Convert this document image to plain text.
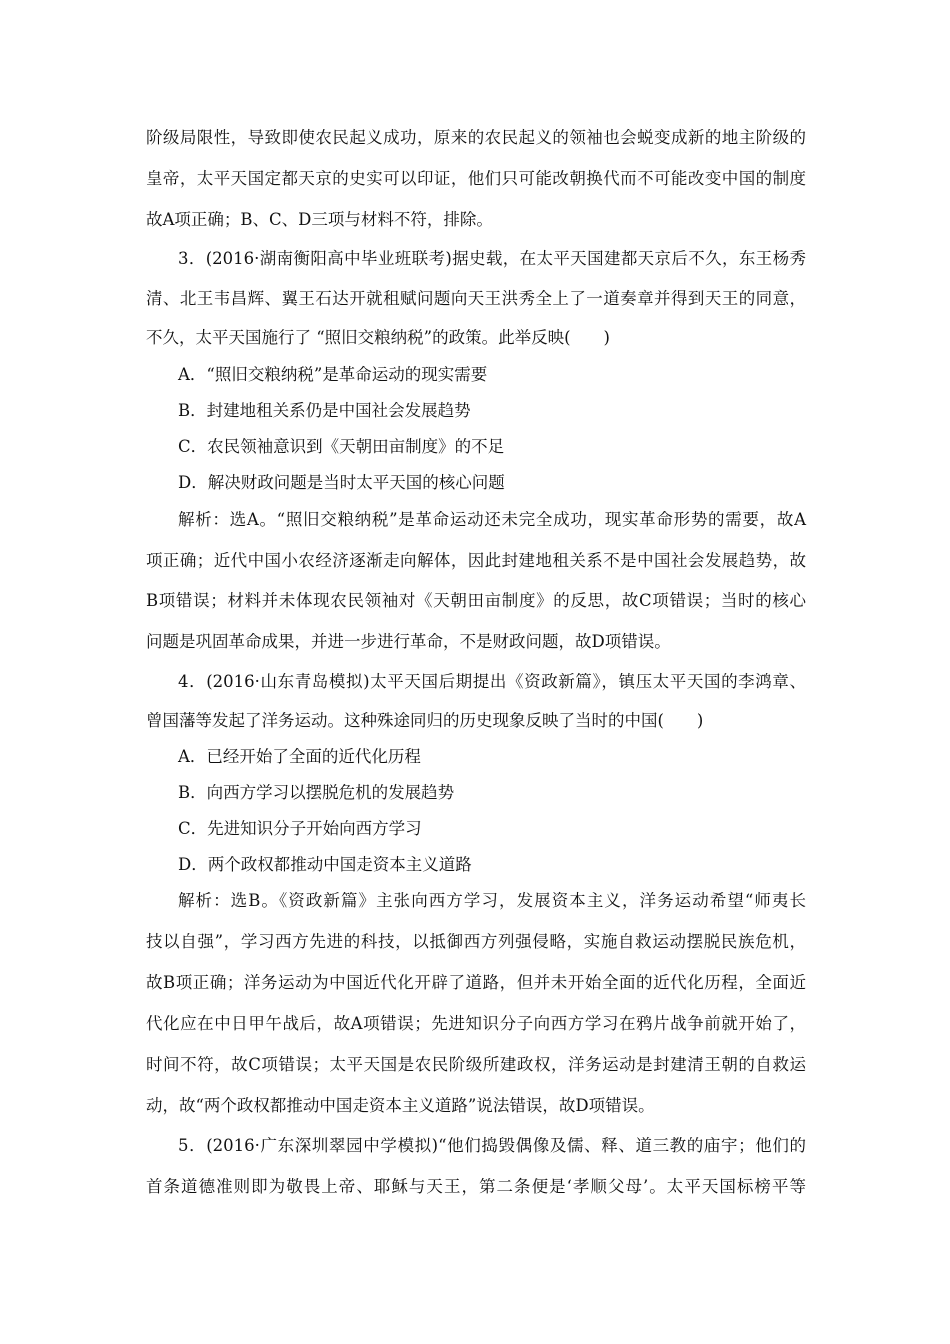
阶级局限性，导致即使农民起义成功，原来的农民起义的领袖也会蜕变成新的地主阶级的
皇帝，太平天国定都天京的史实可以印证，他们只可能改朝换代而不可能改变中国的制度
故A项正确；B、C、D三项与材料不符，排除。
3．(2016·湖南衡阳高中毕业班联考)据史载，在太平天国建都天京后不久，东王杨秀
清、北王韦昌辉、翼王石达开就租赋问题向天王洪秀全上了一道奏章并得到天王的同意，
不久，太平天国施行了 “照旧交粮纳税”的政策。此举反映(　　)
A．“照旧交粮纳税”是革命运动的现实需要
B．封建地租关系仍是中国社会发展趋势
C．农民领袖意识到《天朝田亩制度》的不足
D．解决财政问题是当时太平天国的核心问题
解析：选A。“照旧交粮纳税”是革命运动还未完全成功，现实革命形势的需要，故A
项正确；近代中国小农经济逐渐走向解体，因此封建地租关系不是中国社会发展趋势，故
B项错误；材料并未体现农民领袖对《天朝田亩制度》的反思，故C项错误；当时的核心
问题是巩固革命成果，并进一步进行革命，不是财政问题，故D项错误。
4．(2016·山东青岛模拟)太平天国后期提出《资政新篇》，镇压太平天国的李鸿章、
曾国藩等发起了洋务运动。这种殊途同归的历史现象反映了当时的中国(　　)
A．已经开始了全面的近代化历程
B．向西方学习以摆脱危机的发展趋势
C．先进知识分子开始向西方学习
D．两个政权都推动中国走资本主义道路
解析：选B。《资政新篇》主张向西方学习，发展资本主义，洋务运动希望“师夷长
技以自强”，学习西方先进的科技，以抵御西方列强侵略，实施自救运动摆脱民族危机，
故B项正确；洋务运动为中国近代化开辟了道路，但并未开始全面的近代化历程，全面近
代化应在中日甲午战后，故A项错误；先进知识分子向西方学习在鸦片战争前就开始了，
时间不符，故C项错误；太平天国是农民阶级所建政权，洋务运动是封建清王朝的自救运
动，故“两个政权都推动中国走资本主义道路”说法错误，故D项错误。
5．(2016·广东深圳翠园中学模拟)“他们捣毁偶像及儒、释、道三教的庙宇；他们的
首条道德准则即为敬畏上帝、耶稣与天王，第二条便是‘孝顺父母’。太平天国标榜平等
